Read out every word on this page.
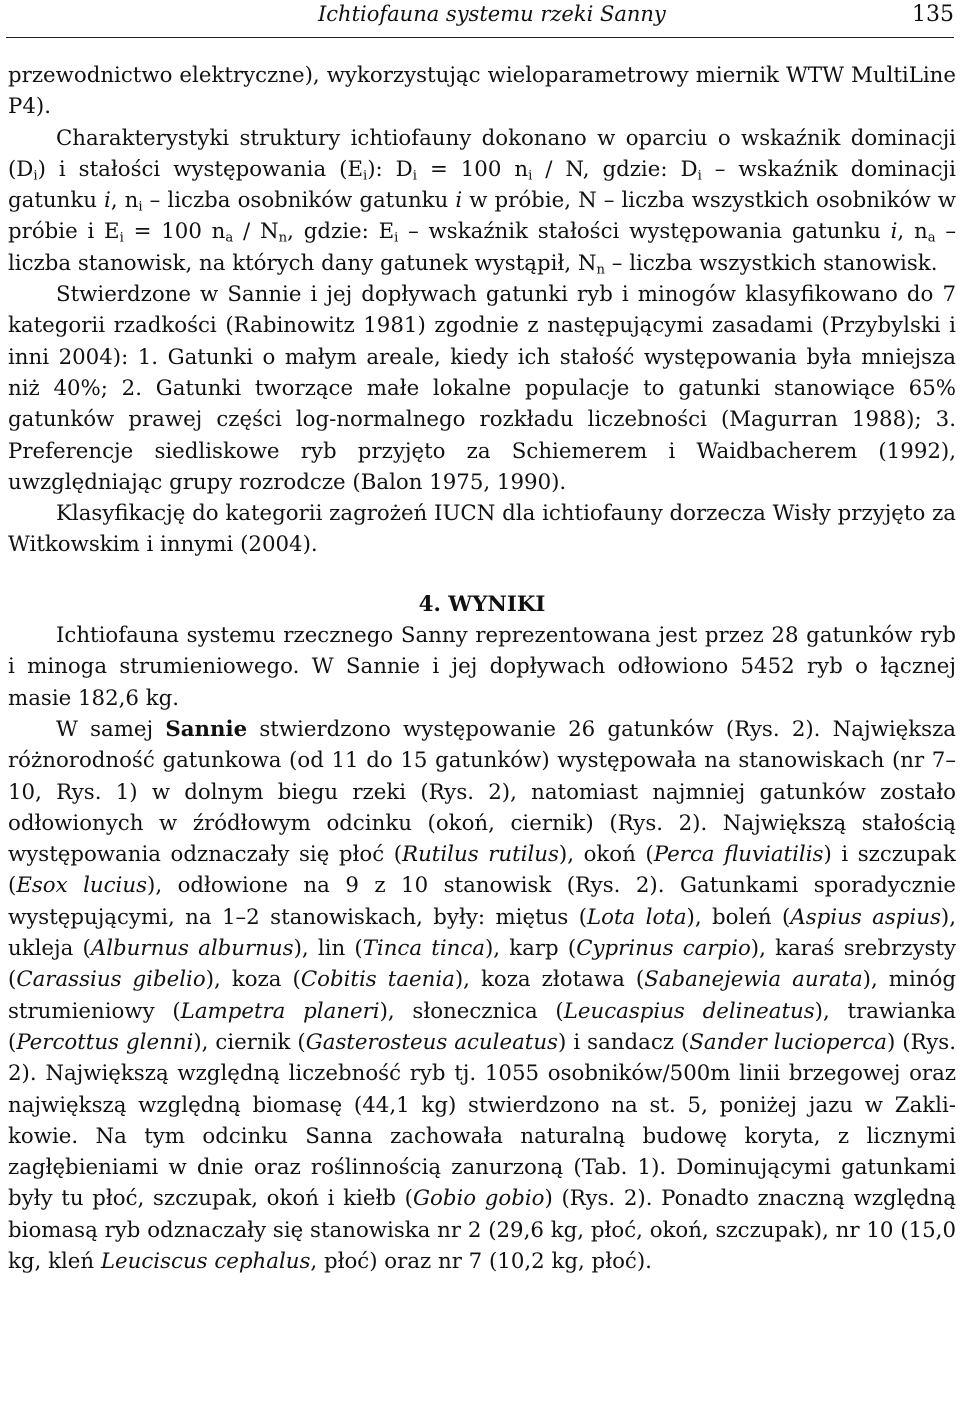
Ichtiofauna systemu rzeki Sanny	135

przewodnictwo elektryczne), wykorzystując wieloparametrowy miernik WTW MultiLine P4).

Charakterystyki struktury ichtiofauny dokonano w oparciu o wskaźnik dominacji $(D_i)$ i stałości występowania $(E_i)$: $D_i = 100$ $n_i$ / N, gdzie: $D_i$ – wskaźnik dominacji gatunku i, $n_i$ – liczba osobników gatunku i w próbie, N – liczba wszystkich osobników w próbie i $E_i = 100$ $n_a / N_n$, gdzie: $E_i$ – wskaźnik stałości występowania gatunku i, $n_a$ – liczba stanowisk, na których dany gatunek wystąpił, $N_n$ – liczba wszystkich stanowisk.

Stwierdzone w Sannie i jej dopływach gatunki ryb i minogów klasyfikowano do 7 kategorii rzadkości (Rabinowitz 1981) zgodnie z następującymi zasadami (Przybylski i inni 2004): 1. Gatunki o małym areale, kiedy ich stałość występowania była mniejsza niż 40%; 2. Gatunki tworzące małe lokalne populacje to gatunki stanowiące 65% gatunków prawej części log-normalnego rozkładu liczebności (Magurran 1988); 3. Preferencje siedliskowe ryb przyjęto za Schiemerem i Waidbacherem (1992), uwzględniając grupy rozrodcze (Balon 1975, 1990).

Klasyfikację do kategorii zagrożeń IUCN dla ichtiofauny dorzecza Wisły przyjęto za Witkowskim i innymi (2004).

4. WYNIKI

Ichtiofauna systemu rzecznego Sanny reprezentowana jest przez 28 gatunków ryb i minoga strumieniowego. W Sannie i jej dopływach odłowiono 5452 ryb o łącznej masie 182,6 kg.

W samej Sannie stwierdzono występowanie 26 gatunków (Rys. 2). Największa różnorodność gatunkowa (od 11 do 15 gatunków) występowała na stanowiskach (nr 7–10, Rys. 1) w dolnym biegu rzeki (Rys. 2), natomiast najmniej gatunków zostało odłowionych w źródłowym odcinku (okoń, ciernik) (Rys. 2). Największą stałością występowania odznaczały się płoć (Rutilus rutilus), okoń (Perca fluviatilis) i szczupak (Esox lucius), odłowione na 9 z 10 stanowisk (Rys. 2). Gatunkami sporadycznie występującymi, na 1–2 stanowiskach, były: miętus (Lota lota), boleń (Aspius aspius), ukleja (Alburnus alburnus), lin (Tinca tinca), karp (Cyprinus carpio), karaś srebrzysty (Carassius gibelio), koza (Cobitis taenia), koza złotawa (Sabanejewia aurata), minóg strumieniowy (Lampetra planeri), słonecznica (Leucaspius delineatus), trawianka (Percottus glenni), ciernik (Gasterosteus aculeatus) i sandacz (Sander lucioperca) (Rys. 2). Największą względną liczebność ryb tj. 1055 osobników/500m linii brzegowej oraz największą względną biomasę (44,1 kg) stwierdzono na st. 5, poniżej jazu w Zaklikowie. Na tym odcinku Sanna zachowała naturalną budowę koryta, z licznymi zagłębieniami w dnie oraz roślinnością zanurzoną (Tab. 1). Dominującymi gatunkami były tu płoć, szczupak, okoń i kiełb (Gobio gobio) (Rys. 2). Ponadto znaczną względną biomasą ryb odznaczały się stanowiska nr 2 (29,6 kg, płoć, okoń, szczupak), nr 10 (15,0 kg, kleń Leuciscus cephalus, płoć) oraz nr 7 (10,2 kg, płoć).
